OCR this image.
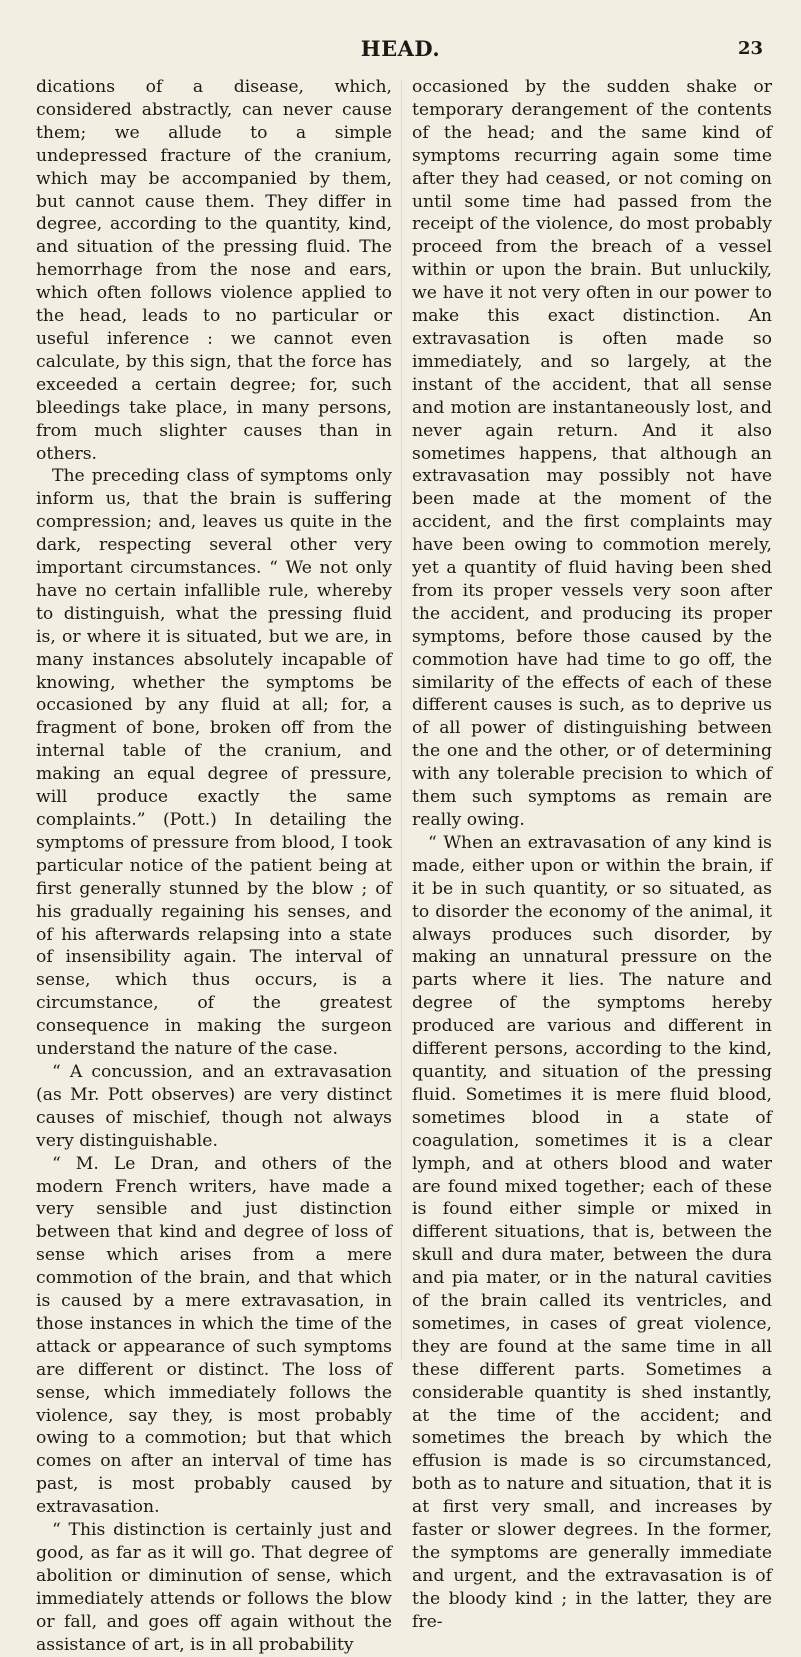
HEAD.	23

dications of a disease, which, considered abstractly, can never cause them; we allude to a simple undepressed fracture of the cranium, which may be accompanied by them, but cannot cause them. They differ in degree, according to the quantity, kind, and situation of the pressing fluid. The hemorrhage from the nose and ears, which often follows violence applied to the head, leads to no particular or useful inference : we cannot even calculate, by this sign, that the force has exceeded a certain degree; for, such bleedings take place, in many persons, from much slighter causes than in others.

The preceding class of symptoms only inform us, that the brain is suffering compression; and, leaves us quite in the dark, respecting several other very important circumstances. “ We not only have no certain infallible rule, whereby to distinguish, what the pressing fluid is, or where it is situated, but we are, in many instances absolutely incapable of knowing, whether the symptoms be occasioned by any fluid at all; for, a fragment of bone, broken off from the internal table of the cranium, and making an equal degree of pressure, will produce exactly the same complaints.” (Pott.) In detailing the symptoms of pressure from blood, I took particular notice of the patient being at first generally stunned by the blow ; of his gradually regaining his senses, and of his afterwards relapsing into a state of insensibility again. The interval of sense, which thus occurs, is a circumstance, of the greatest consequence in making the surgeon understand the nature of the case.

“ A concussion, and an extravasation (as Mr. Pott observes) are very distinct causes of mischief, though not always very distinguishable.

“ M. Le Dran, and others of the modern French writers, have made a very sensible and just distinction between that kind and degree of loss of sense which arises from a mere commotion of the brain, and that which is caused by a mere extravasation, in those instances in which the time of the attack or appearance of such symptoms are different or distinct. The loss of sense, which immediately follows the violence, say they, is most probably owing to a commotion; but that which comes on after an interval of time has past, is most probably caused by extravasation.

“ This distinction is certainly just and good, as far as it will go. That degree of abolition or diminution of sense, which immediately attends or follows the blow or fall, and goes off again without the assistance of art, is in all probability

occasioned by the sudden shake or temporary derangement of the contents of the head; and the same kind of symptoms recurring again some time after they had ceased, or not coming on until some time had passed from the receipt of the violence, do most probably proceed from the breach of a vessel within or upon the brain. But unluckily, we have it not very often in our power to make this exact distinction. An extravasation is often made so immediately, and so largely, at the instant of the accident, that all sense and motion are instantaneously lost, and never again return. And it also sometimes happens, that although an extravasation may possibly not have been made at the moment of the accident, and the first complaints may have been owing to commotion merely, yet a quantity of fluid having been shed from its proper vessels very soon after the accident, and producing its proper symptoms, before those caused by the commotion have had time to go off, the similarity of the effects of each of these different causes is such, as to deprive us of all power of distinguishing between the one and the other, or of determining with any tolerable precision to which of them such symptoms as remain are really owing.

“ When an extravasation of any kind is made, either upon or within the brain, if it be in such quantity, or so situated, as to disorder the economy of the animal, it always produces such disorder, by making an unnatural pressure on the parts where it lies. The nature and degree of the symptoms hereby produced are various and different in different persons, according to the kind, quantity, and situation of the pressing fluid. Sometimes it is mere fluid blood, sometimes blood in a state of coagulation, sometimes it is a clear lymph, and at others blood and water are found mixed together; each of these is found either simple or mixed in different situations, that is, between the skull and dura mater, between the dura and pia mater, or in the natural cavities of the brain called its ventricles, and sometimes, in cases of great violence, they are found at the same time in all these different parts. Sometimes a considerable quantity is shed instantly, at the time of the accident; and sometimes the breach by which the effusion is made is so circumstanced, both as to nature and situation, that it is at first very small, and increases by faster or slower degrees. In the former, the symptoms are generally immediate and urgent, and the extravasation is of the bloody kind ; in the latter, they are fre-
